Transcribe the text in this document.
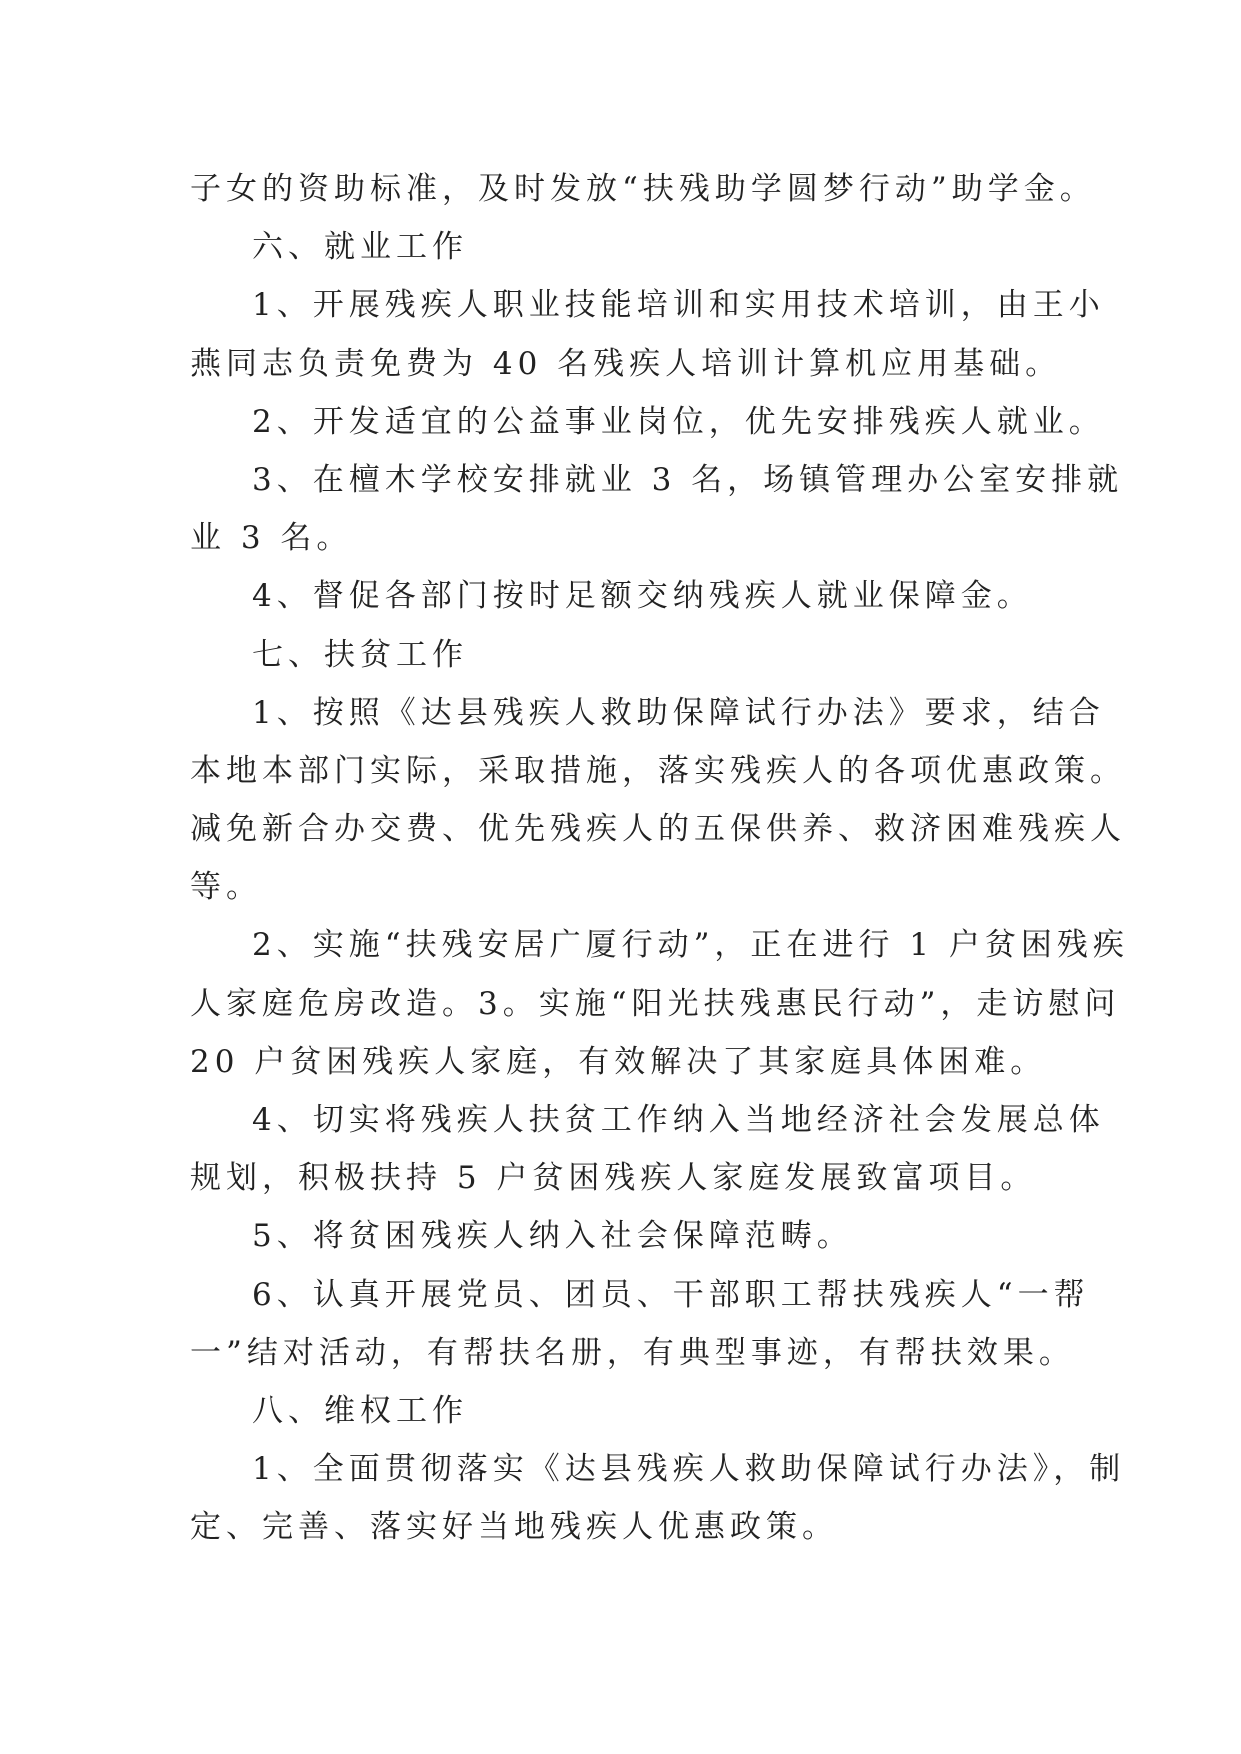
子女的资助标准，及时发放“扶残助学圆梦行动”助学金。
六、就业工作
1、开展残疾人职业技能培训和实用技术培训，由王小
燕同志负责免费为 40 名残疾人培训计算机应用基础。
2、开发适宜的公益事业岗位，优先安排残疾人就业。
3、在檀木学校安排就业 3 名，场镇管理办公室安排就
业 3 名。
4、督促各部门按时足额交纳残疾人就业保障金。
七、扶贫工作
1、按照《达县残疾人救助保障试行办法》要求，结合
本地本部门实际，采取措施，落实残疾人的各项优惠政策。
减免新合办交费、优先残疾人的五保供养、救济困难残疾人
等。
2、实施“扶残安居广厦行动”，正在进行 1 户贫困残疾
人家庭危房改造。3。实施“阳光扶残惠民行动”，走访慰问
20 户贫困残疾人家庭，有效解决了其家庭具体困难。
4、切实将残疾人扶贫工作纳入当地经济社会发展总体
规划，积极扶持 5 户贫困残疾人家庭发展致富项目。
5、将贫困残疾人纳入社会保障范畴。
6、认真开展党员、团员、干部职工帮扶残疾人“一帮
一”结对活动，有帮扶名册，有典型事迹，有帮扶效果。
八、维权工作
1、全面贯彻落实《达县残疾人救助保障试行办法》，制
定、完善、落实好当地残疾人优惠政策。
